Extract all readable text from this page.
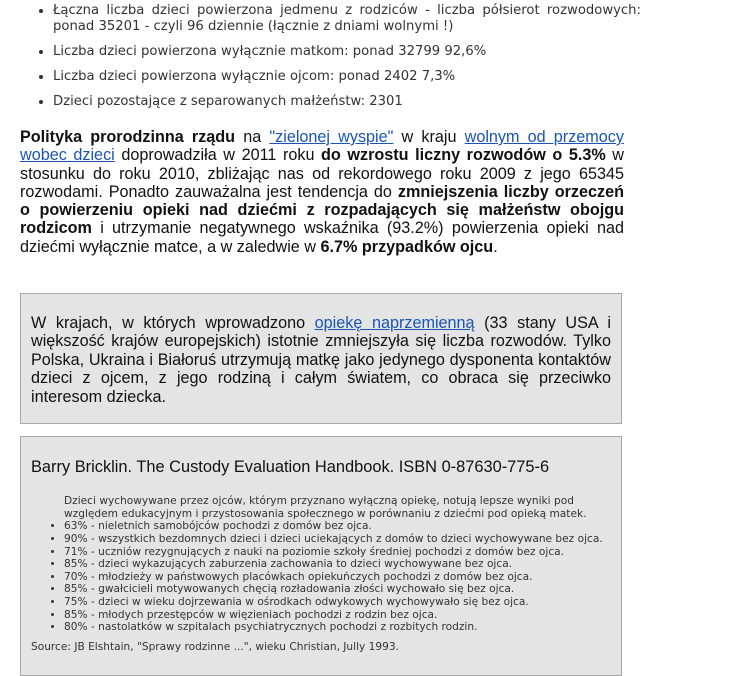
• Łączna liczba dzieci powierzona jedmenu z rodziców - liczba półsierot rozwodowych: ponad 35201 - czyli 96 dziennie (łącznie z dniami wolnymi !)
• Liczba dzieci powierzona wyłącznie matkom: ponad 32799 92,6%
• Liczba dzieci powierzona wyłącznie ojcom: ponad 2402 7,3%
• Dzieci pozostające z separowanych małżeństw: 2301

Polityka prorodzinna rządu na "zielonej wyspie" w kraju wolnym od przemocy wobec dzieci doprowadziła w 2011 roku do wzrostu liczny rozwodów o 5.3% w stosunku do roku 2010, zbliżając nas od rekordowego roku 2009 z jego 65345 rozwodami. Ponadto zauważalna jest tendencja do zmniejszenia liczby orzeczeń o powierzeniu opieki nad dziećmi z rozpadających się małżeństw obojgu rodzicom i utrzymanie negatywnego wskaźnika (93.2%) powierzenia opieki nad dziećmi wyłącznie matce, a w zaledwie w 6.7% przypadków ojcu.

W krajach, w których wprowadzono opiekę naprzemienną (33 stany USA i większość krajów europejskich) istotnie zmniejszyła się liczba rozwodów. Tylko Polska, Ukraina i Białoruś utrzymują matkę jako jedynego dysponenta kontaktów dzieci z ojcem, z jego rodziną i całym światem, co obraca się przeciwko interesom dziecka.

Barry Bricklin. The Custody Evaluation Handbook. ISBN 0-87630-775-6
Dzieci wychowywane przez ojców, którym przyznano wyłączną opiekę, notują lepsze wyniki pod względem edukacyjnym i przystosowania społecznego w porównaniu z dziećmi pod opieką matek.
• 63% - nieletnich samobójców pochodzi z domów bez ojca.
• 90% - wszystkich bezdomnych dzieci i dzieci uciekających z domów to dzieci wychowywane bez ojca.
• 71% - uczniów rezygnujących z nauki na poziomie szkoły średniej pochodzi z domów bez ojca.
• 85% - dzieci wykazujących zaburzenia zachowania to dzieci wychowywane bez ojca.
• 70% - młodzieży w państwowych placówkach opiekuńczych pochodzi z domów bez ojca.
• 85% - gwałcicieli motywowanych chęcią rozładowania złości wychowało się bez ojca.
• 75% - dzieci w wieku dojrzewania w ośrodkach odwykowych wychowywało się bez ojca.
• 85% - młodych przestępców w więzieniach pochodzi z rodzin bez ojca.
• 80% - nastolatków w szpitalach psychiatrycznych pochodzi z rozbitych rodzin.
Source: JB Elshtain, "Sprawy rodzinne ...", wieku Christian, Jully 1993.
